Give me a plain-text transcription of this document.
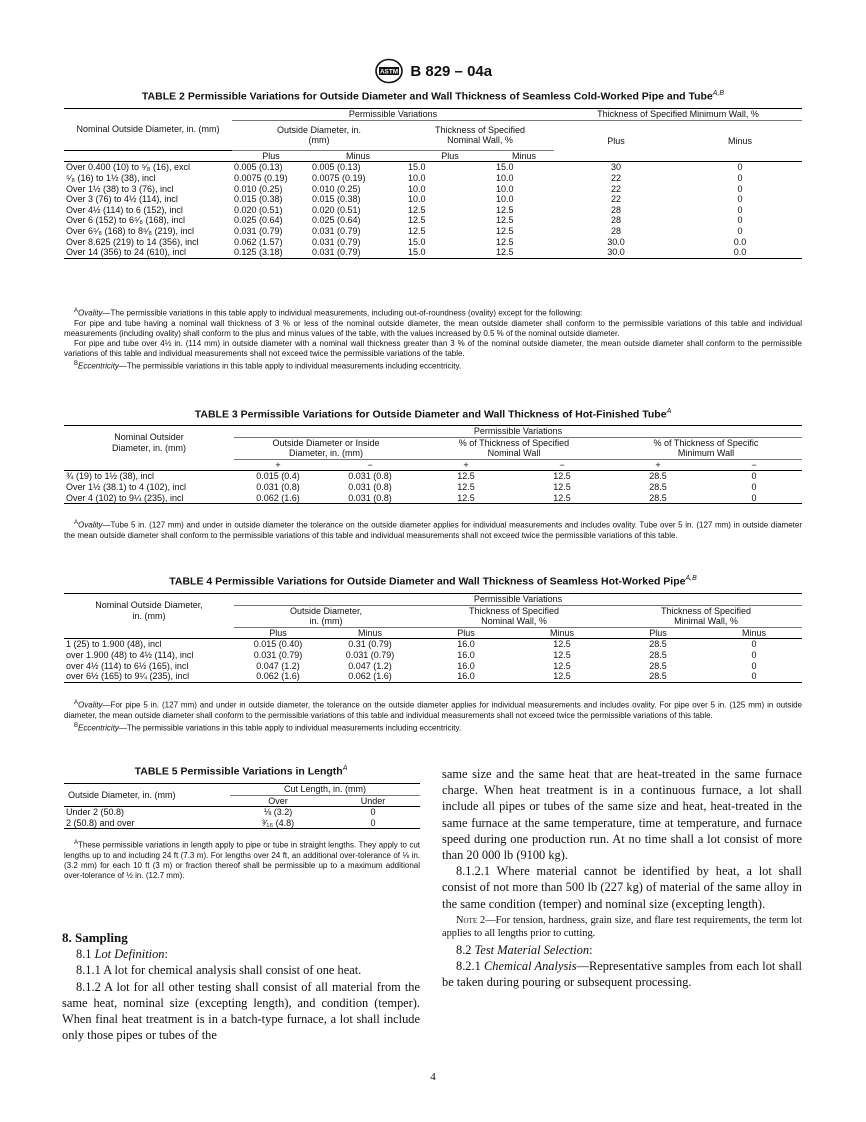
ASTM B 829 – 04a
TABLE 2 Permissible Variations for Outside Diameter and Wall Thickness of Seamless Cold-Worked Pipe and Tube$^{A,B}$
Nominal Outside Diameter, in. (mm)	Permissible Variations				Thickness of Specified Minimum Wall, %	
	Outside Diameter, in. (mm)		Thickness of Specified Nominal Wall, %		Plus	Minus
	Plus	Minus	Plus	Minus		
Over 0.400 (10) to ⁵⁄₈ (16), excl	0.005 (0.13)	0.005 (0.13)	15.0	15.0	30	0
⁵⁄₈ (16) to 1½ (38), incl	0.0075 (0.19)	0.0075 (0.19)	10.0	10.0	22	0
Over 1½ (38) to 3 (76), incl	0.010 (0.25)	0.010 (0.25)	10.0	10.0	22	0
Over 3 (76) to 4½ (114), incl	0.015 (0.38)	0.015 (0.38)	10.0	10.0	22	0
Over 4½ (114) to 6 (152), incl	0.020 (0.51)	0.020 (0.51)	12.5	12.5	28	0
Over 6 (152) to 6⁵⁄₈ (168), incl	0.025 (0.64)	0.025 (0.64)	12.5	12.5	28	0
Over 6⁵⁄₈ (168) to 8⁵⁄₈ (219), incl	0.031 (0.79)	0.031 (0.79)	12.5	12.5	28	0
Over 8.625 (219) to 14 (356), incl	0.062 (1.57)	0.031 (0.79)	15.0	12.5	30.0	0.0
Over 14 (356) to 24 (610), incl	0.125 (3.18)	0.031 (0.79)	15.0	12.5	30.0	0.0

$^A$Ovality—The permissible variations in this table apply to individual measurements, including out-of-roundness (ovality) except for the following:

For pipe and tube having a nominal wall thickness of 3 % or less of the nominal outside diameter, the mean outside diameter shall conform to the permissible variations of this table and individual measurements (including ovality) shall conform to the plus and minus values of the table, with the values increased by 0.5 % of the nominal outside diameter.

For pipe and tube over 4½ in. (114 mm) in outside diameter with a nominal wall thickness greater than 3 % of the nominal outside diameter, the mean outside diameter shall conform to the permissible variations of this table and individual measurements shall not exceed twice the permissible variations of the table.

$^B$Eccentricity—The permissible variations in this table apply to individual measurements including eccentricity.

TABLE 3 Permissible Variations for Outside Diameter and Wall Thickness of Hot-Finished Tube$^A$
Nominal Outsider Diameter, in. (mm)	Permissible Variations					
	Outside Diameter or Inside Diameter, in. (mm)		% of Thickness of Specified Nominal Wall		% of Thickness of Specific Minimum Wall	
	+	−	+	−	+	−
¾ (19) to 1½ (38), incl	0.015 (0.4)	0.031 (0.8)	12.5	12.5	28.5	0
Over 1½ (38.1) to 4 (102), incl	0.031 (0.8)	0.031 (0.8)	12.5	12.5	28.5	0
Over 4 (102) to 9¼ (235), incl	0.062 (1.6)	0.031 (0.8)	12.5	12.5	28.5	0

$^A$Ovality—Tube 5 in. (127 mm) and under in outside diameter the tolerance on the outside diameter applies for individual measurements and includes ovality. Tube over 5 in. (127 mm) in outside diameter the mean outside diameter shall conform to the permissible variations of this table and individual measurements shall not exceed twice the permissible variations of this table.

TABLE 4 Permissible Variations for Outside Diameter and Wall Thickness of Seamless Hot-Worked Pipe$^{A,B}$
Nominal Outside Diameter, in. (mm)	Permissible Variations					
	Outside Diameter, in. (mm)		Thickness of Specified Nominal Wall, %		Thickness of Specified Minimal Wall, %	
	Plus	Minus	Plus	Minus	Plus	Minus
1 (25) to 1.900 (48), incl	0.015 (0.40)	0.31 (0.79)	16.0	12.5	28.5	0
over 1.900 (48) to 4½ (114), incl	0.031 (0.79)	0.031 (0.79)	16.0	12.5	28.5	0
over 4½ (114) to 6½ (165), incl	0.047 (1.2)	0.047 (1.2)	16.0	12.5	28.5	0
over 6½ (165) to 9¼ (235), incl	0.062 (1.6)	0.062 (1.6)	16.0	12.5	28.5	0

$^A$Ovality—For pipe 5 in. (127 mm) and under in outside diameter, the tolerance on the outside diameter applies for individual measurements and includes ovality. For pipe over 5 in. (125 mm) in outside diameter, the mean outside diameter shall conform to the permissible variations of this table and individual measurements shall not exceed twice the permissible variations of this table.

$^B$Eccentricity—The permissible variations in this table apply to individual measurements including eccentricity.

TABLE 5 Permissible Variations in Length$^A$
Outside Diameter, in. (mm)	Cut Length, in. (mm)	
	Over	Under
Under 2 (50.8)	⅛ (3.2)	0
2 (50.8) and over	³⁄₁₆ (4.8)	0

$^A$These permissible variations in length apply to pipe or tube in straight lengths. They apply to cut lengths up to and including 24 ft (7.3 m). For lengths over 24 ft, an additional over-tolerance of ⅛ in. (3.2 mm) for each 10 ft (3 m) or fraction thereof shall be permissible up to a maximum additional over-tolerance of ½ in. (12.7 mm).

8. Sampling

8.1 Lot Definition:

8.1.1 A lot for chemical analysis shall consist of one heat.

8.1.2 A lot for all other testing shall consist of all material from the same heat, nominal size (excepting length), and condition (temper). When final heat treatment is in a batch-type furnace, a lot shall include only those pipes or tubes of the

same size and the same heat that are heat-treated in the same furnace charge. When heat treatment is in a continuous furnace, a lot shall include all pipes or tubes of the same size and heat, heat-treated in the same furnace at the same temperature, time at temperature, and furnace speed during one production run. At no time shall a lot consist of more than 20 000 lb (9100 kg).

8.1.2.1 Where material cannot be identified by heat, a lot shall consist of not more than 500 lb (227 kg) of material of the same alloy in the same condition (temper) and nominal size (excepting length).

Note 2—For tension, hardness, grain size, and flare test requirements, the term lot applies to all lengths prior to cutting.

8.2 Test Material Selection:

8.2.1 Chemical Analysis—Representative samples from each lot shall be taken during pouring or subsequent processing.

4
